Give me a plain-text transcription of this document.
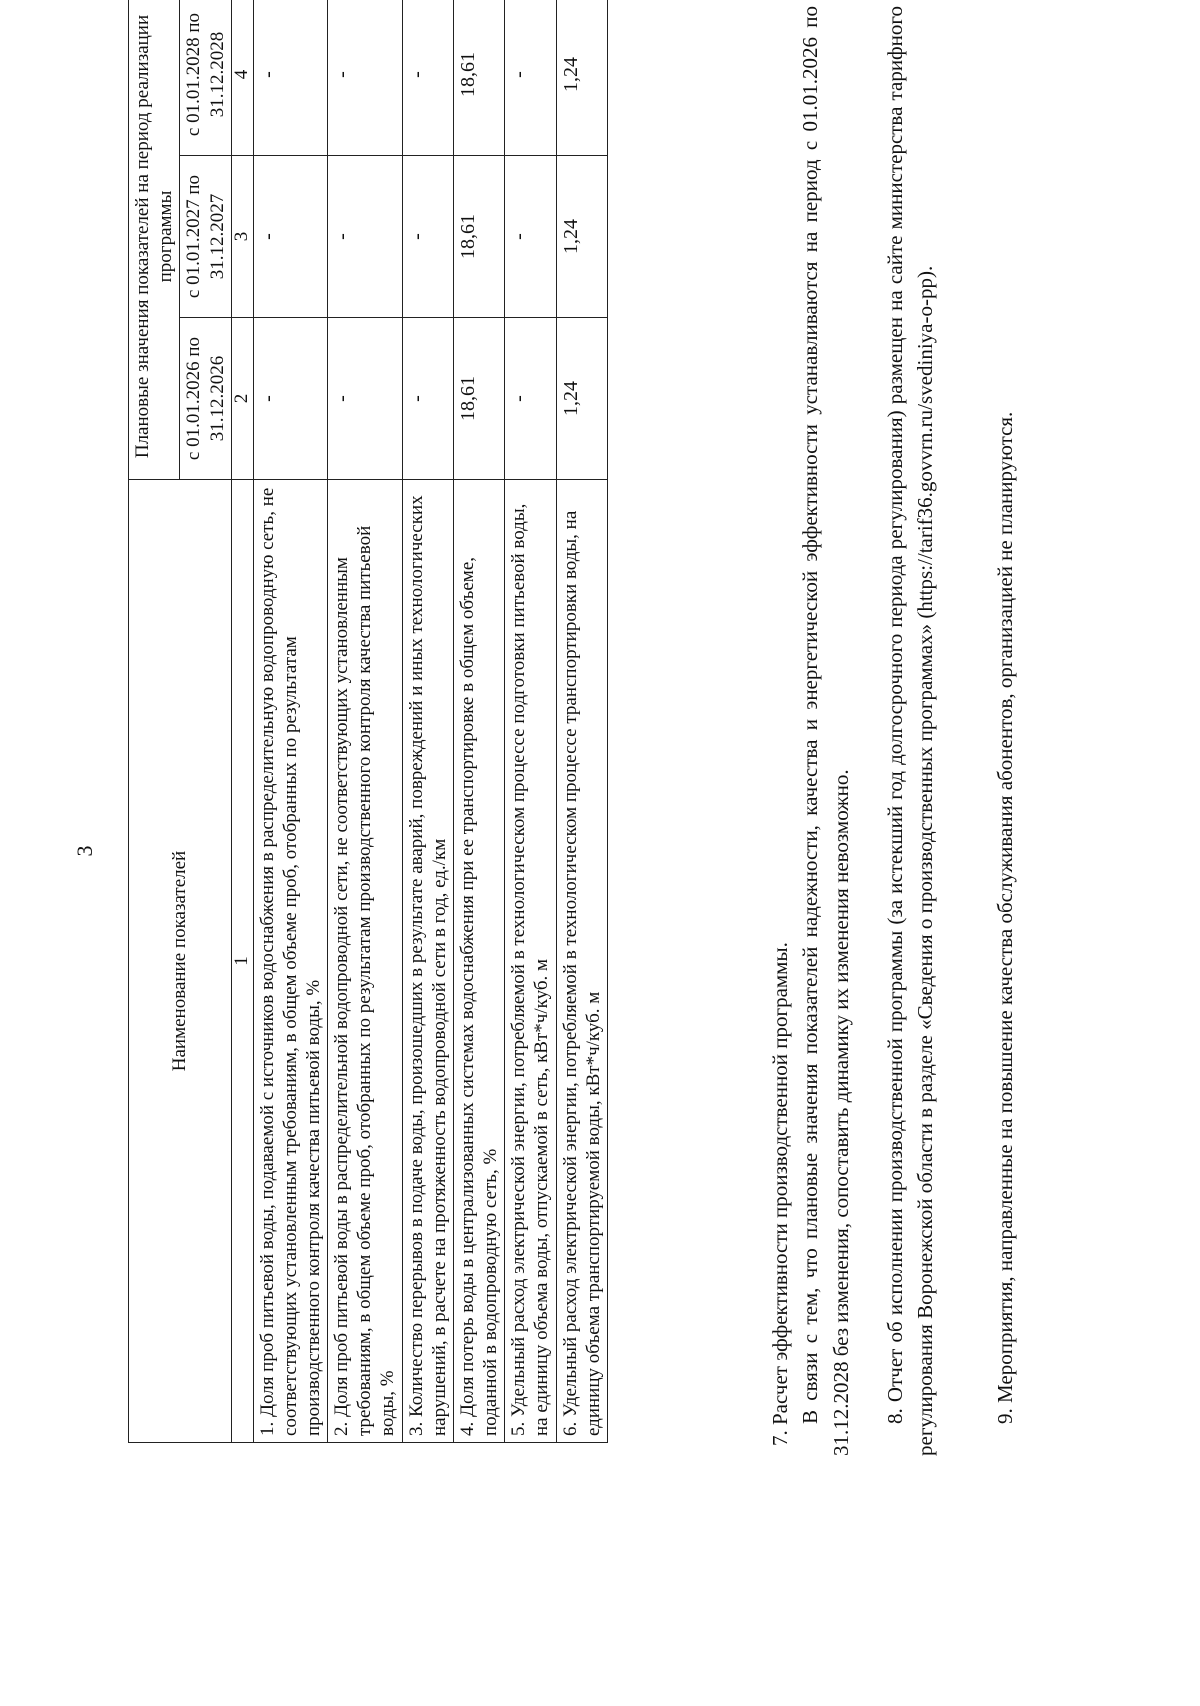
3	Наименование показателей	Плановые значения показателей на период реализации программы		
	с 01.01.2026 по 31.12.2026	с 01.01.2027 по 31.12.2027	с 01.01.2028 по 31.12.2028
1	2	3	4
1. Доля проб питьевой воды, подаваемой с источников водоснабжения в распределительную водопроводную сеть, не соответствующих установленным требованиям, в общем объеме проб, отобранных по результатам производственного контроля качества питьевой воды, %	-	-	-
2. Доля проб питьевой воды в распределительной водопроводной сети, не соответствующих установленным требованиям, в общем объеме проб, отобранных по результатам производственного контроля качества питьевой воды, %	-	-	-
3. Количество перерывов в подаче воды, произошедших в результате аварий, повреждений и иных технологических нарушений, в расчете на протяженность водопроводной сети в год, ед./км	-	-	-
4. Доля потерь воды в централизованных системах водоснабжения при ее транспортировке в общем объеме, поданной в водопроводную сеть, %	18,61	18,61	18,61
5. Удельный расход электрической энергии, потребляемой в технологическом процессе подготовки питьевой воды, на единицу объема воды, отпускаемой в сеть, кВт*ч/куб. м	-	-	-
6. Удельный расход электрической энергии, потребляемой в технологическом процессе транспортировки воды, на единицу объема транспортируемой воды, кВт*ч/куб. м	1,24	1,24	1,24

7. Расчет эффективности производственной программы. В связи с тем, что плановые значения показателей надежности, качества и энергетической эффективности устанавливаются на период с 01.01.2026 по 31.12.2028 без изменения, сопоставить динамику их изменения невозможно. 8. Отчет об исполнении производственной программы (за истекший год долгосрочного периода регулирования) размещен на сайте министерства тарифного регулирования Воронежской области в разделе «Сведения о производственных программах» (https://tarif36.govvrn.ru/svediniya-o-pp).	9. Мероприятия, направленные на повышение качества обслуживания абонентов, организацией не планируются.
